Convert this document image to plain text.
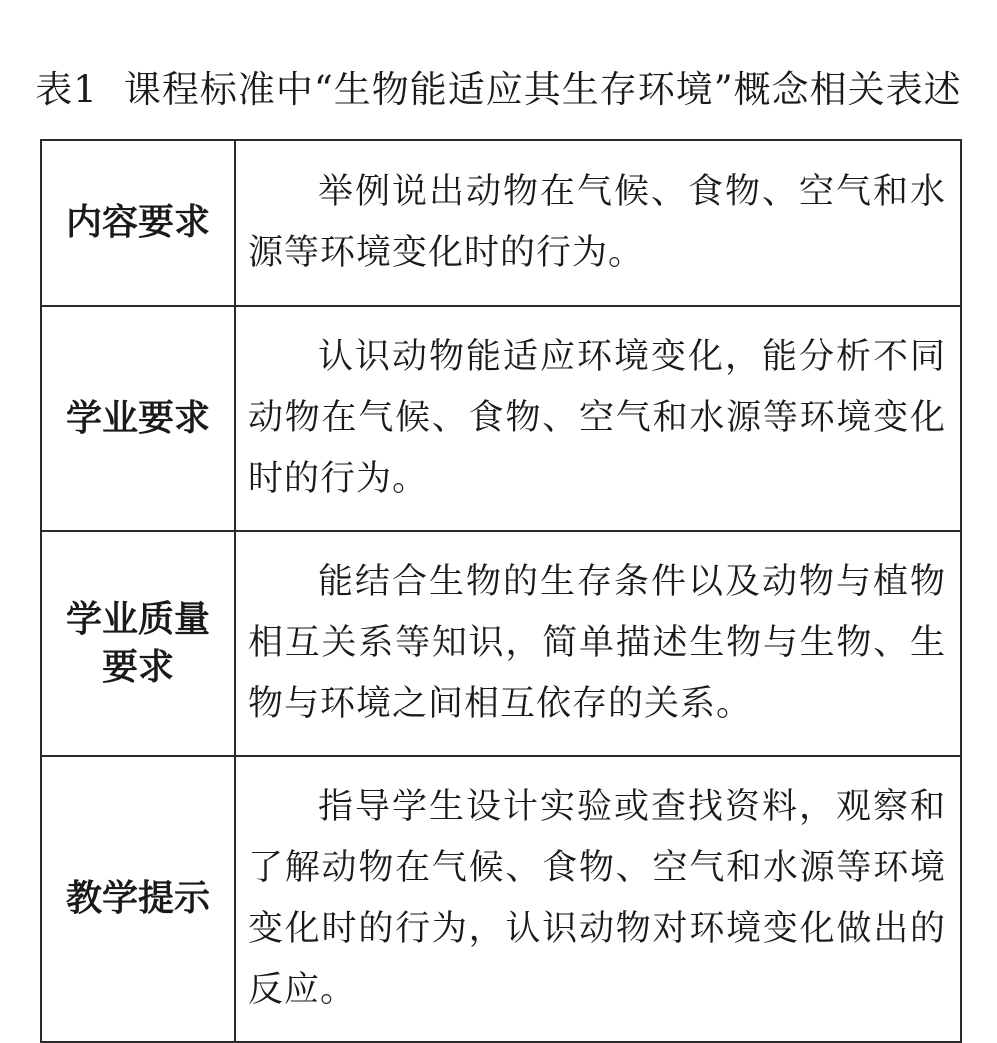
表1 课程标准中“生物能适应其生存环境”概念相关表述
内容要求	举例说出动物在气候、食物、空气和水源等环境变化时的行为。

学业要求	认识动物能适应环境变化，能分析不同动物在气候、食物、空气和水源等环境变化时的行为。

学业质量要求	能结合生物的生存条件以及动物与植物相互关系等知识，简单描述生物与生物、生物与环境之间相互依存的关系。

教学提示	指导学生设计实验或查找资料，观察和了解动物在气候、食物、空气和水源等环境变化时的行为，认识动物对环境变化做出的反应。
